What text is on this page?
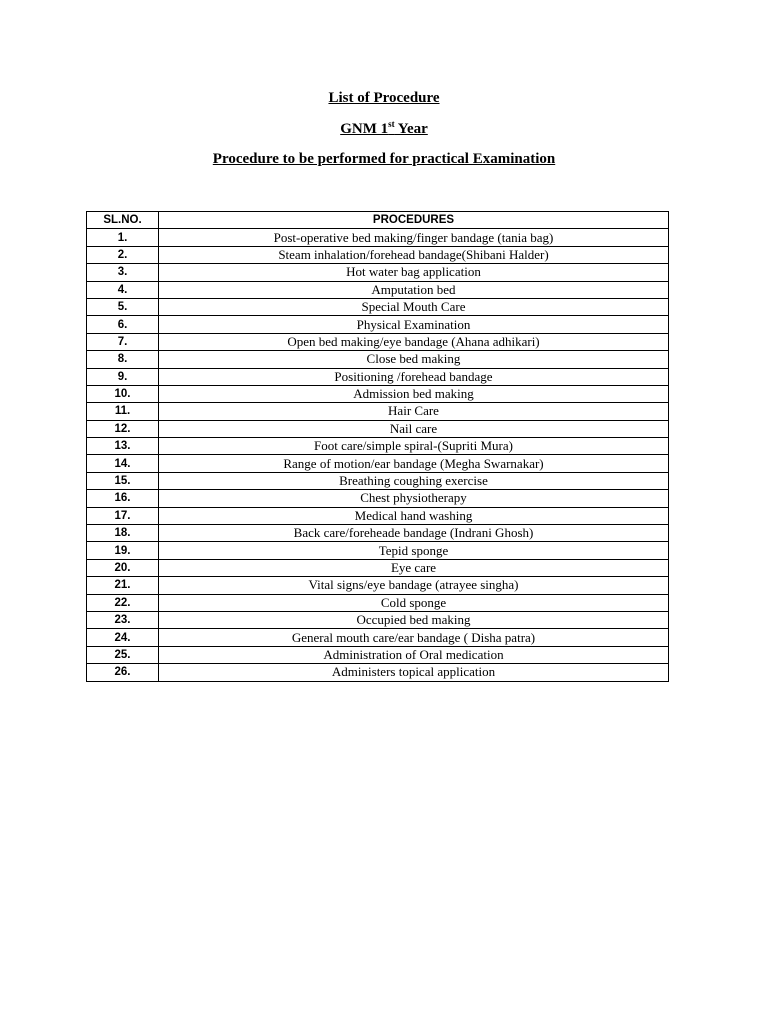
List of Procedure
GNM 1st Year
Procedure to be performed for practical Examination
SL.NO.	PROCEDURES
1.	Post-operative bed making/finger bandage (tania bag)
2.	Steam inhalation/forehead bandage(Shibani Halder)
3.	Hot water bag application
4.	Amputation bed
5.	Special Mouth Care
6.	Physical Examination
7.	Open bed making/eye bandage (Ahana adhikari)
8.	Close bed making
9.	Positioning /forehead bandage
10.	Admission bed making
11.	Hair Care
12.	Nail care
13.	Foot care/simple spiral-(Supriti Mura)
14.	Range of motion/ear bandage (Megha Swarnakar)
15.	Breathing coughing exercise
16.	Chest physiotherapy
17.	Medical hand washing
18.	Back care/foreheade bandage (Indrani Ghosh)
19.	Tepid sponge
20.	Eye care
21.	Vital signs/eye bandage (atrayee singha)
22.	Cold sponge
23.	Occupied bed making
24.	General mouth care/ear bandage ( Disha patra)
25.	Administration of Oral medication
26.	Administers topical application
